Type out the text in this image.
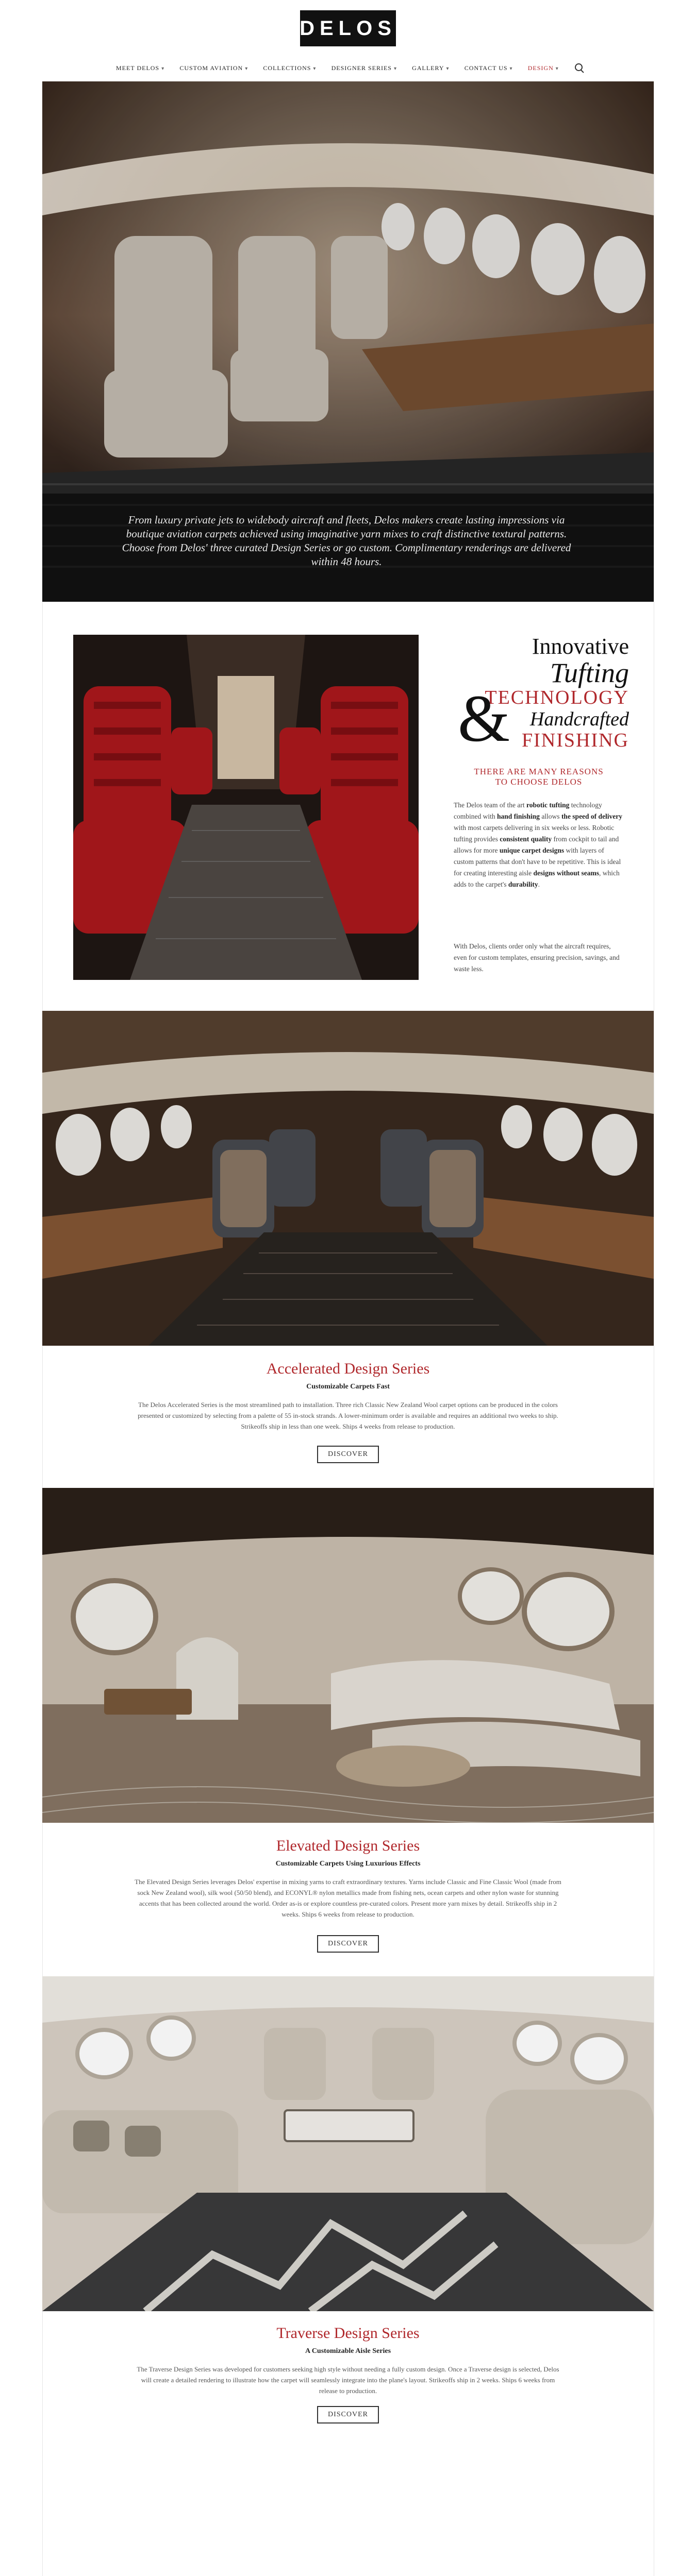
DELOS
MEET DELOS ▾ CUSTOM AVIATION ▾ COLLECTIONS ▾ DESIGNER SERIES ▾ GALLERY ▾ CONTACT US ▾ DESIGN ▾
From luxury private jets to widebody aircraft and fleets, Delos makers create lasting impressions via boutique aviation carpets achieved using imaginative yarn mixes to craft distinctive textural patterns. Choose from Delos' three curated Design Series or go custom. Complimentary renderings are delivered within 48 hours.
Innovative
Tufting
&
TECHNOLOGY
Handcrafted
FINISHING
THERE ARE MANY REASONS
TO CHOOSE DELOS
The Delos team of the art robotic tufting technology combined with hand finishing allows the speed of delivery with most carpets delivering in six weeks or less. Robotic tufting provides consistent quality from cockpit to tail and allows for more unique carpet designs with layers of custom patterns that don't have to be repetitive. This is ideal for creating interesting aisle designs without seams, which adds to the carpet's durability.
With Delos, clients order only what the aircraft requires, even for custom templates, ensuring precision, savings, and waste less.
Accelerated Design Series
Customizable Carpets Fast
The Delos Accelerated Series is the most streamlined path to installation. Three rich Classic New Zealand Wool carpet options can be produced in the colors presented or customized by selecting from a palette of 55 in-stock strands. A lower-minimum order is available and requires an additional two weeks to ship. Strikeoffs ship in less than one week. Ships 4 weeks from release to production.
DISCOVER
Elevated Design Series
Customizable Carpets Using Luxurious Effects
The Elevated Design Series leverages Delos' expertise in mixing yarns to craft extraordinary textures. Yarns include Classic and Fine Classic Wool (made from sock New Zealand wool), silk wool (50/50 blend), and ECONYL® nylon metallics made from fishing nets, ocean carpets and other nylon waste for stunning accents that has been collected around the world. Order as-is or explore countless pre-curated colors. Present more yarn mixes by detail. Strikeoffs ship in 2 weeks. Ships 6 weeks from release to production.
DISCOVER
Traverse Design Series
A Customizable Aisle Series
The Traverse Design Series was developed for customers seeking high style without needing a fully custom design. Once a Traverse design is selected, Delos will create a detailed rendering to illustrate how the carpet will seamlessly integrate into the plane's layout. Strikeoffs ship in 2 weeks. Ships 6 weeks from release to production.
DISCOVER
